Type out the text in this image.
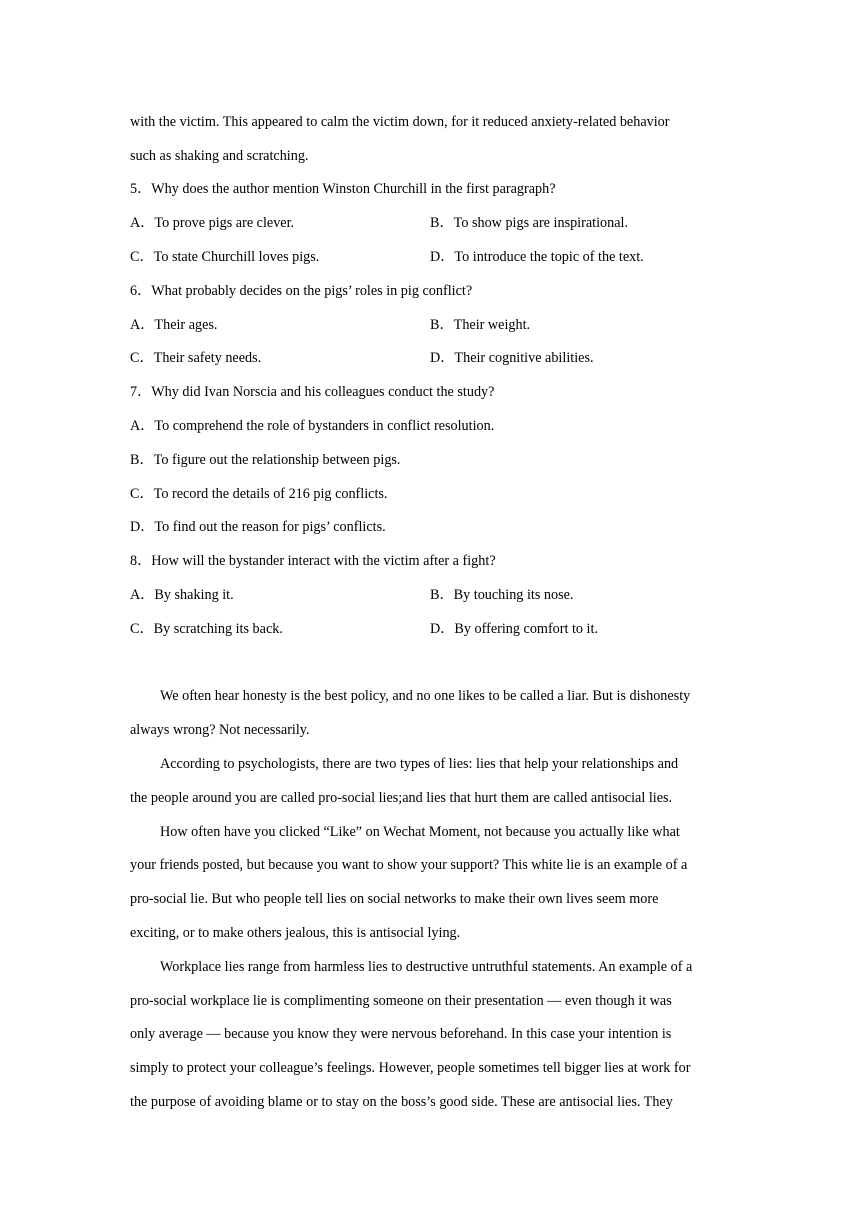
with the victim. This appeared to calm the victim down, for it reduced anxiety-related behavior
such as shaking and scratching.
5．Why does the author mention Winston Churchill in the first paragraph?
A．To prove pigs are clever.	B．To show pigs are inspirational.
C．To state Churchill loves pigs.	D．To introduce the topic of the text.
6．What probably decides on the pigs’ roles in pig conflict?
A．Their ages.	B．Their weight.
C．Their safety needs.	D．Their cognitive abilities.
7．Why did Ivan Norscia and his colleagues conduct the study?
A．To comprehend the role of bystanders in conflict resolution.
B．To figure out the relationship between pigs.
C．To record the details of 216 pig conflicts.
D．To find out the reason for pigs’ conflicts.
8．How will the bystander interact with the victim after a fight?
A．By shaking it.	B．By touching its nose.
C．By scratching its back.	D．By offering comfort to it.
We often hear honesty is the best policy, and no one likes to be called a liar. But is dishonesty
always wrong? Not necessarily.
According to psychologists, there are two types of lies: lies that help your relationships and
the people around you are called pro-social lies;and lies that hurt them are called antisocial lies.
How often have you clicked “Like” on Wechat Moment, not because you actually like what
your friends posted, but because you want to show your support? This white lie is an example of a
pro-social lie. But who people tell lies on social networks to make their own lives seem more
exciting, or to make others jealous, this is antisocial lying.
Workplace lies range from harmless lies to destructive untruthful statements. An example of a
pro-social workplace lie is complimenting someone on their presentation — even though it was
only average — because you know they were nervous beforehand. In this case your intention is
simply to protect your colleague’s feelings. However, people sometimes tell bigger lies at work for
the purpose of avoiding blame or to stay on the boss’s good side. These are antisocial lies. They
